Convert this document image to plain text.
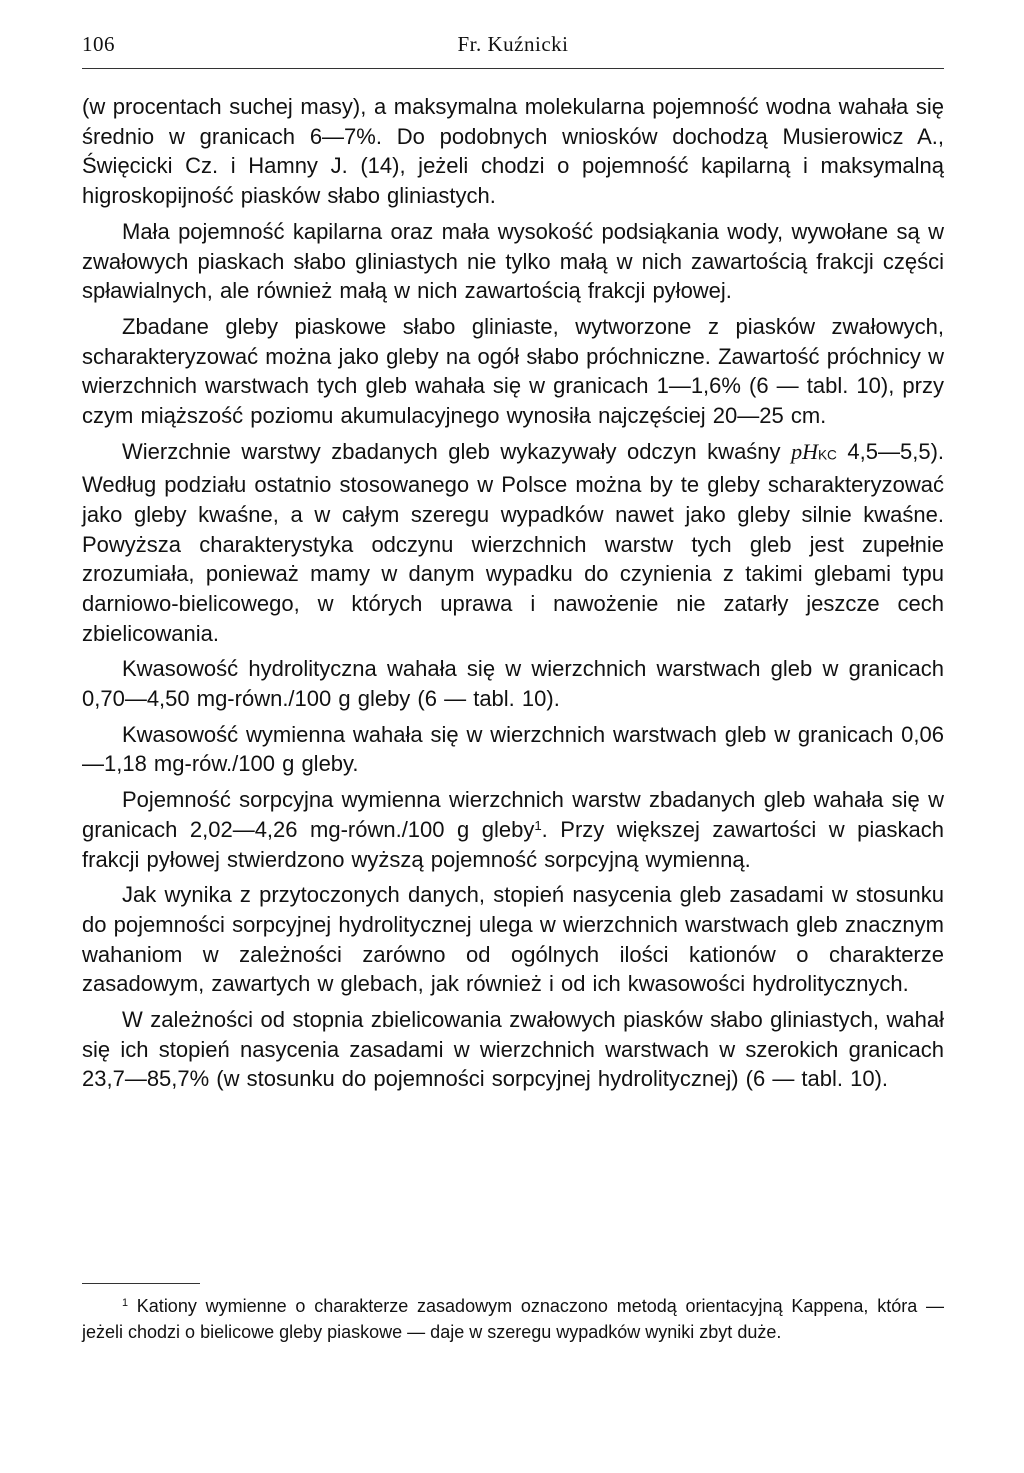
106	Fr. Kuźnicki

(w procentach suchej masy), a maksymalna molekularna pojemność wodna wahała się średnio w granicach 6—7%. Do podobnych wniosków dochodzą Musierowicz A., Święcicki Cz. i Hamny J. (14), jeżeli chodzi o pojemność kapilarną i maksymalną higroskopijność piasków słabo gliniastych.

Mała pojemność kapilarna oraz mała wysokość podsiąkania wody, wywołane są w zwałowych piaskach słabo gliniastych nie tylko małą w nich zawartością frakcji części spławialnych, ale również małą w nich zawartością frakcji pyłowej.

Zbadane gleby piaskowe słabo gliniaste, wytworzone z piasków zwałowych, scharakteryzować można jako gleby na ogół słabo próchniczne. Zawartość próchnicy w wierzchnich warstwach tych gleb wahała się w granicach 1—1,6% (6 — tabl. 10), przy czym miąższość poziomu akumulacyjnego wynosiła najczęściej 20—25 cm.

Wierzchnie warstwy zbadanych gleb wykazywały odczyn kwaśny pHKC 4,5—5,5). Według podziału ostatnio stosowanego w Polsce można by te gleby scharakteryzować jako gleby kwaśne, a w całym szeregu wypadków nawet jako gleby silnie kwaśne. Powyższa charakterystyka odczynu wierzchnich warstw tych gleb jest zupełnie zrozumiała, ponieważ mamy w danym wypadku do czynienia z takimi glebami typu darniowo-bielicowego, w których uprawa i nawożenie nie zatarły jeszcze cech zbielicowania.

Kwasowość hydrolityczna wahała się w wierzchnich warstwach gleb w granicach 0,70—4,50 mg-równ./100 g gleby (6 — tabl. 10).

Kwasowość wymienna wahała się w wierzchnich warstwach gleb w granicach 0,06—1,18 mg-rów./100 g gleby.

Pojemność sorpcyjna wymienna wierzchnich warstw zbadanych gleb wahała się w granicach 2,02—4,26 mg-równ./100 g gleby$^1$. Przy większej zawartości w piaskach frakcji pyłowej stwierdzono wyższą pojemność sorpcyjną wymienną.

Jak wynika z przytoczonych danych, stopień nasycenia gleb zasadami w stosunku do pojemności sorpcyjnej hydrolitycznej ulega w wierzchnich warstwach gleb znacznym wahaniom w zależności zarówno od ogólnych ilości kationów o charakterze zasadowym, zawartych w glebach, jak również i od ich kwasowości hydrolitycznych.

W zależności od stopnia zbielicowania zwałowych piasków słabo gliniastych, wahał się ich stopień nasycenia zasadami w wierzchnich warstwach w szerokich granicach 23,7—85,7% (w stosunku do pojemności sorpcyjnej hydrolitycznej) (6 — tabl. 10).

$^1$ Kationy wymienne o charakterze zasadowym oznaczono metodą orientacyjną Kappena, która — jeżeli chodzi o bielicowe gleby piaskowe — daje w szeregu wypadków wyniki zbyt duże.
